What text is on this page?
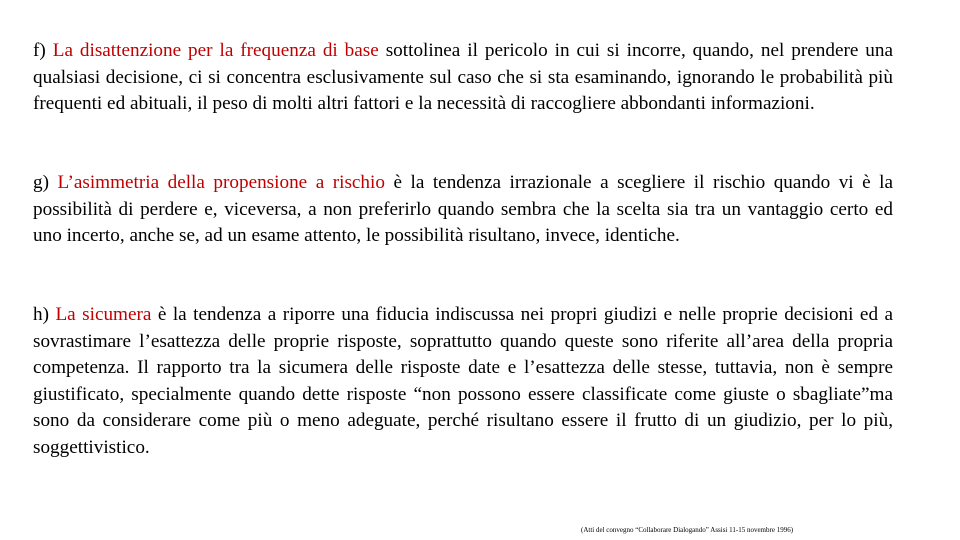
f) La disattenzione per la frequenza di base sottolinea il pericolo in cui si incorre, quando, nel prendere una qualsiasi decisione, ci si concentra esclusivamente sul caso che si sta esaminando, ignorando le probabilità più frequenti ed abituali, il peso di molti altri fattori e la necessità di raccogliere abbondanti informazioni.

g) L’asimmetria della propensione a rischio è la tendenza irrazionale a scegliere il rischio quando vi è la possibilità di perdere e, viceversa, a non preferirlo quando sembra che la scelta sia tra un vantaggio certo ed uno incerto, anche se, ad un esame attento, le possibilità risultano, invece, identiche.

h) La sicumera è la tendenza a riporre una fiducia indiscussa nei propri giudizi e nelle proprie decisioni ed a sovrastimare l’esattezza delle proprie risposte, soprattutto quando queste sono riferite all’area della propria competenza. Il rapporto tra la sicumera delle risposte date e l’esattezza delle stesse, tuttavia, non è sempre giustificato, specialmente quando dette risposte “non possono essere classificate come giuste o sbagliate”ma sono da considerare come più o meno adeguate, perché risultano essere il frutto di un giudizio, per lo più, soggettivistico.

(Atti del convegno “Collaborare Dialogando” Assisi 11-15 novembre 1996)
